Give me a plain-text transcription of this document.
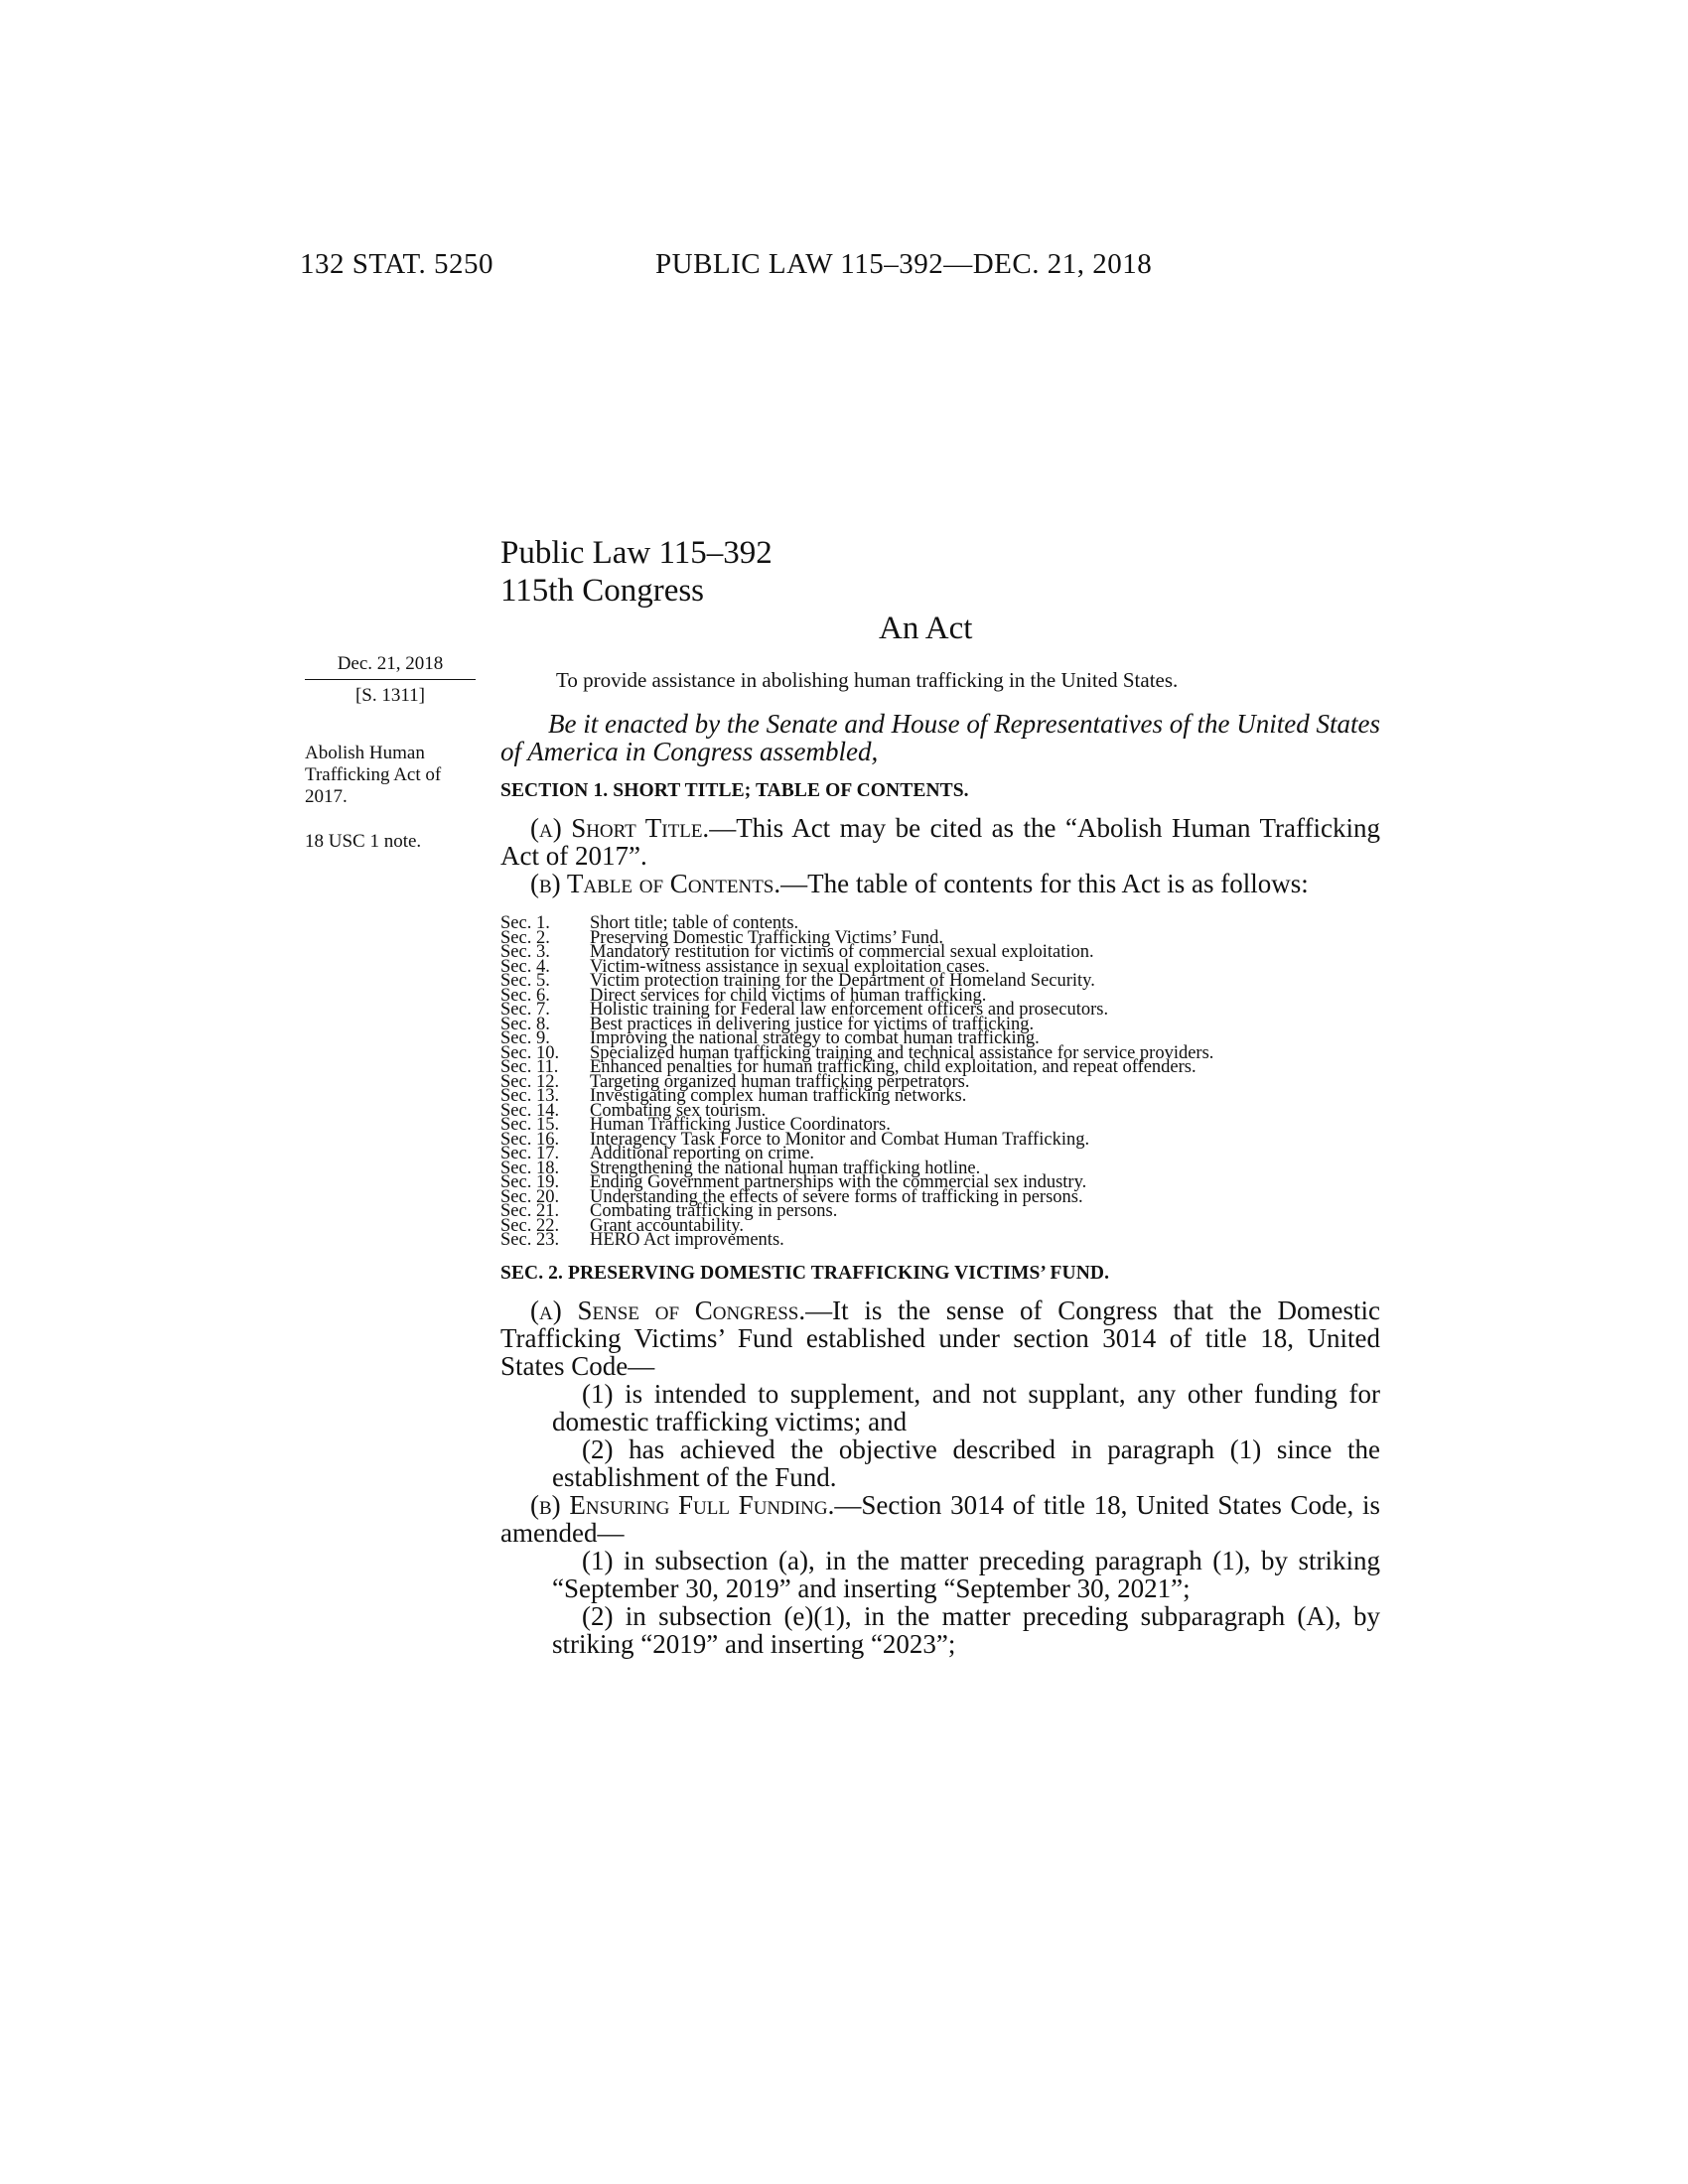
132 STAT. 5250	PUBLIC LAW 115–392—DEC. 21, 2018
Public Law 115–392
115th Congress
An Act
Dec. 21, 2018
[S. 1311]
Abolish Human Trafficking Act of 2017.
18 USC 1 note.
To provide assistance in abolishing human trafficking in the United States.

Be it enacted by the Senate and House of Representatives of the United States of America in Congress assembled,

SECTION 1. SHORT TITLE; TABLE OF CONTENTS.

(a) Short Title.—This Act may be cited as the “Abolish Human Trafficking Act of 2017”.

(b) Table of Contents.—The table of contents for this Act is as follows:

Sec. 1.	Short title; table of contents.
Sec. 2.	Preserving Domestic Trafficking Victims’ Fund.
Sec. 3.	Mandatory restitution for victims of commercial sexual exploitation.
Sec. 4.	Victim-witness assistance in sexual exploitation cases.
Sec. 5.	Victim protection training for the Department of Homeland Security.
Sec. 6.	Direct services for child victims of human trafficking.
Sec. 7.	Holistic training for Federal law enforcement officers and prosecutors.
Sec. 8.	Best practices in delivering justice for victims of trafficking.
Sec. 9.	Improving the national strategy to combat human trafficking.
Sec. 10.	Specialized human trafficking training and technical assistance for service providers.
Sec. 11.	Enhanced penalties for human trafficking, child exploitation, and repeat offenders.
Sec. 12.	Targeting organized human trafficking perpetrators.
Sec. 13.	Investigating complex human trafficking networks.
Sec. 14.	Combating sex tourism.
Sec. 15.	Human Trafficking Justice Coordinators.
Sec. 16.	Interagency Task Force to Monitor and Combat Human Trafficking.
Sec. 17.	Additional reporting on crime.
Sec. 18.	Strengthening the national human trafficking hotline.
Sec. 19.	Ending Government partnerships with the commercial sex industry.
Sec. 20.	Understanding the effects of severe forms of trafficking in persons.
Sec. 21.	Combating trafficking in persons.
Sec. 22.	Grant accountability.
Sec. 23.	HERO Act improvements.

SEC. 2. PRESERVING DOMESTIC TRAFFICKING VICTIMS’ FUND.

(a) Sense of Congress.—It is the sense of Congress that the Domestic Trafficking Victims’ Fund established under section 3014 of title 18, United States Code—

(1) is intended to supplement, and not supplant, any other funding for domestic trafficking victims; and

(2) has achieved the objective described in paragraph (1) since the establishment of the Fund.

(b) Ensuring Full Funding.—Section 3014 of title 18, United States Code, is amended—

(1) in subsection (a), in the matter preceding paragraph (1), by striking “September 30, 2019” and inserting “September 30, 2021”;

(2) in subsection (e)(1), in the matter preceding subparagraph (A), by striking “2019” and inserting “2023”;
